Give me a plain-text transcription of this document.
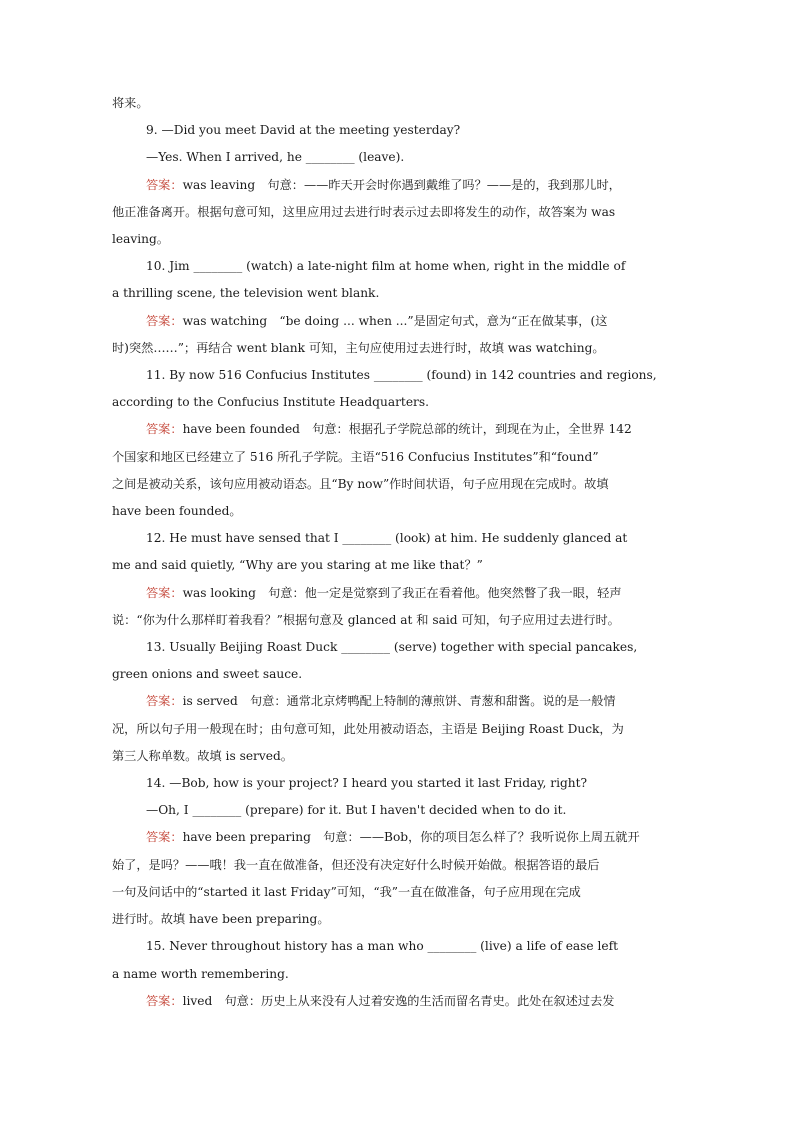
将来。
9. —Did you meet David at the meeting yesterday?
—Yes. When I arrived, he ________ (leave).
答案：was leaving　句意：——昨天开会时你遇到戴维了吗？——是的，我到那儿时，
他正准备离开。根据句意可知，这里应用过去进行时表示过去即将发生的动作，故答案为 was
leaving。
10. Jim ________ (watch) a late-night film at home when, right in the middle of
a thrilling scene, the television went blank.
答案：was watching　“be doing ... when ...”是固定句式，意为“正在做某事，(这
时)突然……”；再结合 went blank 可知，主句应使用过去进行时，故填 was watching。
11. By now 516 Confucius Institutes ________ (found) in 142 countries and regions,
according to the Confucius Institute Headquarters.
答案：have been founded　句意：根据孔子学院总部的统计，到现在为止，全世界 142
个国家和地区已经建立了 516 所孔子学院。主语“516 Confucius Institutes”和“found”
之间是被动关系，该句应用被动语态。且“By now”作时间状语，句子应用现在完成时。故填
have been founded。
12. He must have sensed that I ________ (look) at him. He suddenly glanced at
me and said quietly, “Why are you staring at me like that？”
答案：was looking　句意：他一定是觉察到了我正在看着他。他突然瞥了我一眼，轻声
说：“你为什么那样盯着我看？”根据句意及 glanced at 和 said 可知，句子应用过去进行时。
13. Usually Beijing Roast Duck ________ (serve) together with special pancakes,
green onions and sweet sauce.
答案：is served　句意：通常北京烤鸭配上特制的薄煎饼、青葱和甜酱。说的是一般情
况，所以句子用一般现在时；由句意可知，此处用被动语态，主语是 Beijing Roast Duck，为
第三人称单数。故填 is served。
14. —Bob, how is your project? I heard you started it last Friday, right?
—Oh, I ________ (prepare) for it. But I haven't decided when to do it.
答案：have been preparing　句意：——Bob，你的项目怎么样了？我听说你上周五就开
始了，是吗？——哦！我一直在做准备，但还没有决定好什么时候开始做。根据答语的最后
一句及问话中的“started it last Friday”可知，“我”一直在做准备，句子应用现在完成
进行时。故填 have been preparing。
15. Never throughout history has a man who ________ (live) a life of ease left
a name worth remembering.
答案：lived　句意：历史上从来没有人过着安逸的生活而留名青史。此处在叙述过去发
